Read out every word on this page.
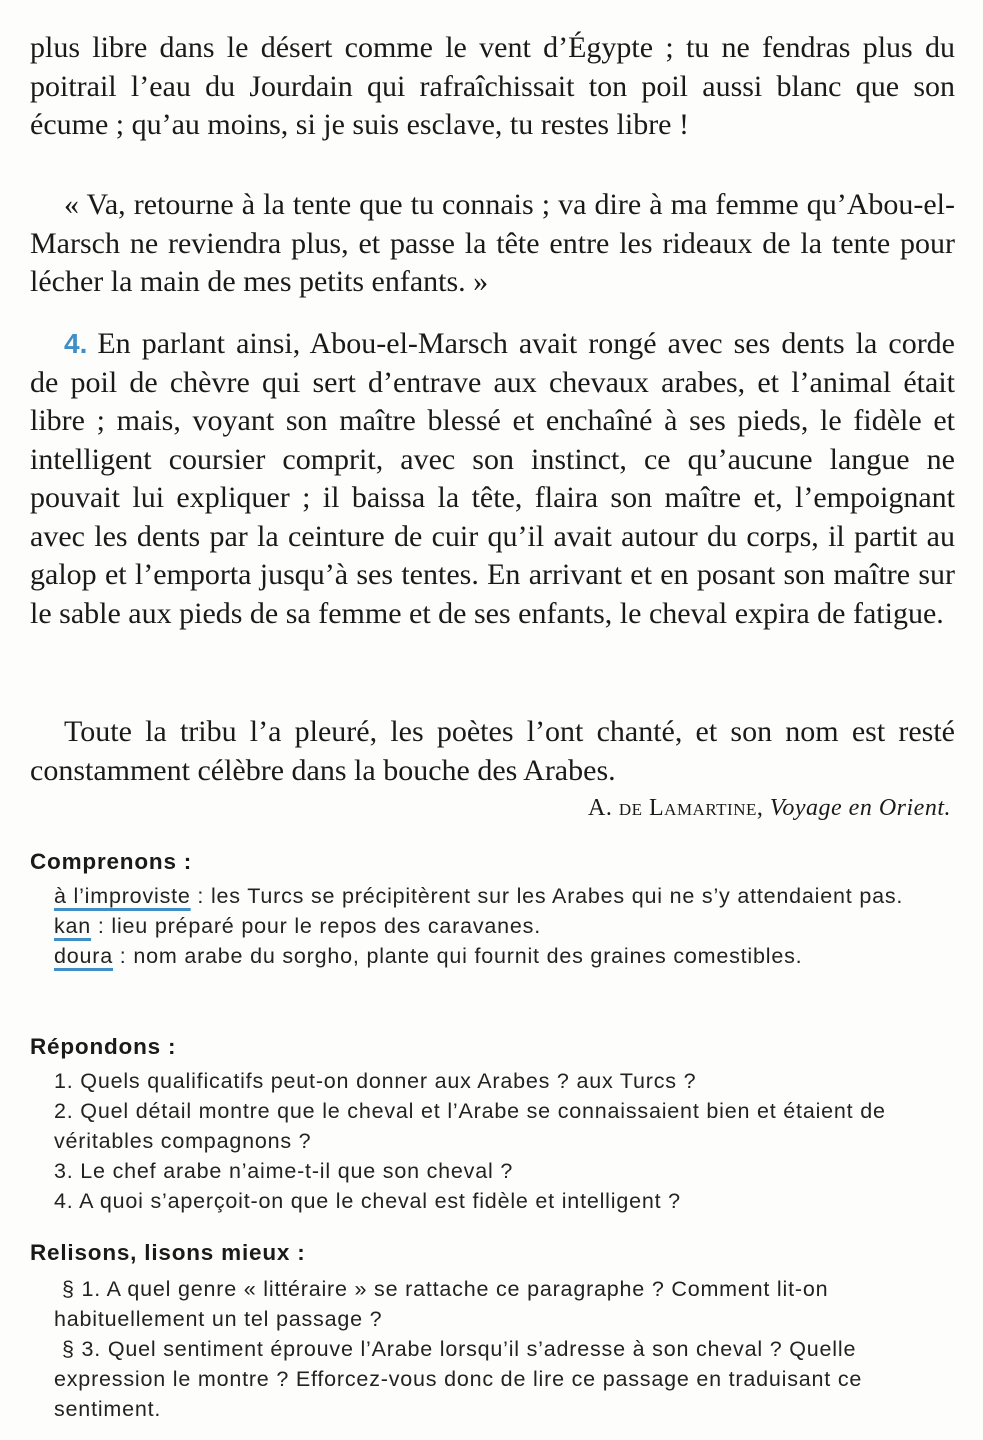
plus libre dans le désert comme le vent d’Égypte ; tu ne fendras plus du poitrail l’eau du Jourdain qui rafraîchissait ton poil aussi blanc que son écume ; qu’au moins, si je suis esclave, tu restes libre !

« Va, retourne à la tente que tu connais ; va dire à ma femme qu’Abou-el-Marsch ne reviendra plus, et passe la tête entre les rideaux de la tente pour lécher la main de mes petits enfants. »

4. En parlant ainsi, Abou-el-Marsch avait rongé avec ses dents la corde de poil de chèvre qui sert d’entrave aux chevaux arabes, et l’animal était libre ; mais, voyant son maître blessé et enchaîné à ses pieds, le fidèle et intelligent coursier comprit, avec son instinct, ce qu’aucune langue ne pouvait lui expliquer ; il baissa la tête, flaira son maître et, l’empoignant avec les dents par la ceinture de cuir qu’il avait autour du corps, il partit au galop et l’emporta jusqu’à ses tentes. En arrivant et en posant son maître sur le sable aux pieds de sa femme et de ses enfants, le cheval expira de fatigue.

Toute la tribu l’a pleuré, les poètes l’ont chanté, et son nom est resté constamment célèbre dans la bouche des Arabes.

A. de Lamartine, Voyage en Orient.
Comprenons :

à l’improviste : les Turcs se précipitèrent sur les Arabes qui ne s’y attendaient pas.

kan : lieu préparé pour le repos des caravanes.

doura : nom arabe du sorgho, plante qui fournit des graines comestibles.

Répondons :

1. Quels qualificatifs peut-on donner aux Arabes ? aux Turcs ?

2. Quel détail montre que le cheval et l’Arabe se connaissaient bien et étaient de véritables compagnons ?

3. Le chef arabe n’aime-t-il que son cheval ?

4. A quoi s’aperçoit-on que le cheval est fidèle et intelligent ?

Relisons, lisons mieux :

§ 1. A quel genre « littéraire » se rattache ce paragraphe ? Comment lit-on habituellement un tel passage ?

§ 3. Quel sentiment éprouve l’Arabe lorsqu’il s’adresse à son cheval ? Quelle expression le montre ? Efforcez-vous donc de lire ce passage en traduisant ce sentiment.
